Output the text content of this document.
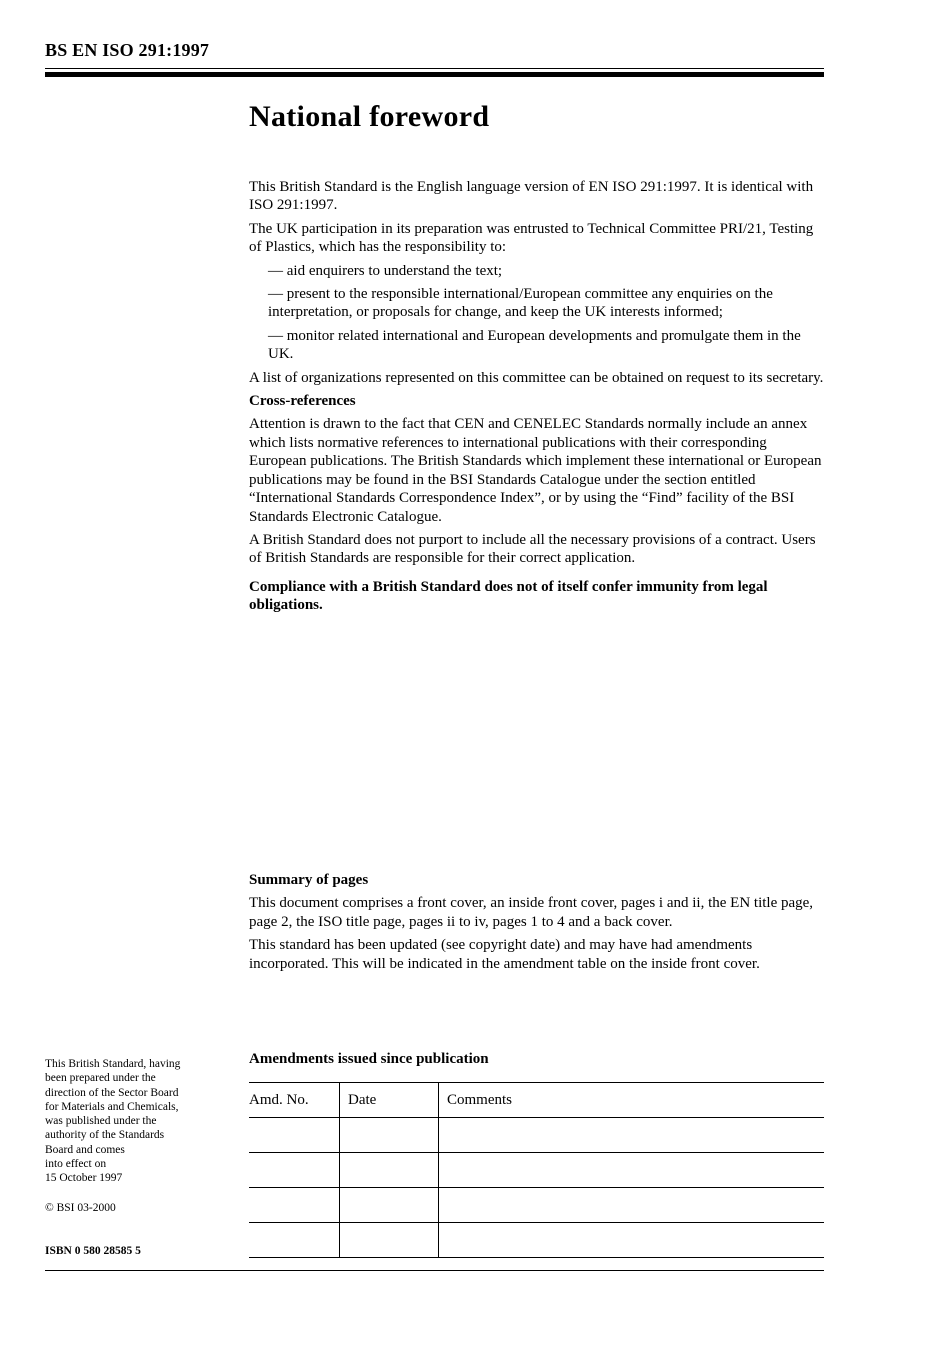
BS EN ISO 291:1997
National foreword

This British Standard is the English language version of EN ISO 291:1997. It is identical with ISO 291:1997.

The UK participation in its preparation was entrusted to Technical Committee PRI/21, Testing of Plastics, which has the responsibility to:

— aid enquirers to understand the text;

— present to the responsible international/European committee any enquiries on the interpretation, or proposals for change, and keep the UK interests informed;

— monitor related international and European developments and promulgate them in the UK.

A list of organizations represented on this committee can be obtained on request to its secretary.

Cross-references

Attention is drawn to the fact that CEN and CENELEC Standards normally include an annex which lists normative references to international publications with their corresponding European publications. The British Standards which implement these international or European publications may be found in the BSI Standards Catalogue under the section entitled “International Standards Correspondence Index”, or by using the “Find” facility of the BSI Standards Electronic Catalogue.

A British Standard does not purport to include all the necessary provisions of a contract. Users of British Standards are responsible for their correct application.

Compliance with a British Standard does not of itself confer immunity from legal obligations.

Summary of pages

This document comprises a front cover, an inside front cover, pages i and ii, the EN title page, page 2, the ISO title page, pages ii to iv, pages 1 to 4 and a back cover.

This standard has been updated (see copyright date) and may have had amendments incorporated. This will be indicated in the amendment table on the inside front cover.

Amendments issued since publication
Amd. No.	Date	Comments

This British Standard, having

been prepared under the

direction of the Sector Board

for Materials and Chemicals,

was published under the

authority of the Standards

Board and comes

into effect on

15 October 1997

© BSI 03-2000
ISBN 0 580 28585 5
